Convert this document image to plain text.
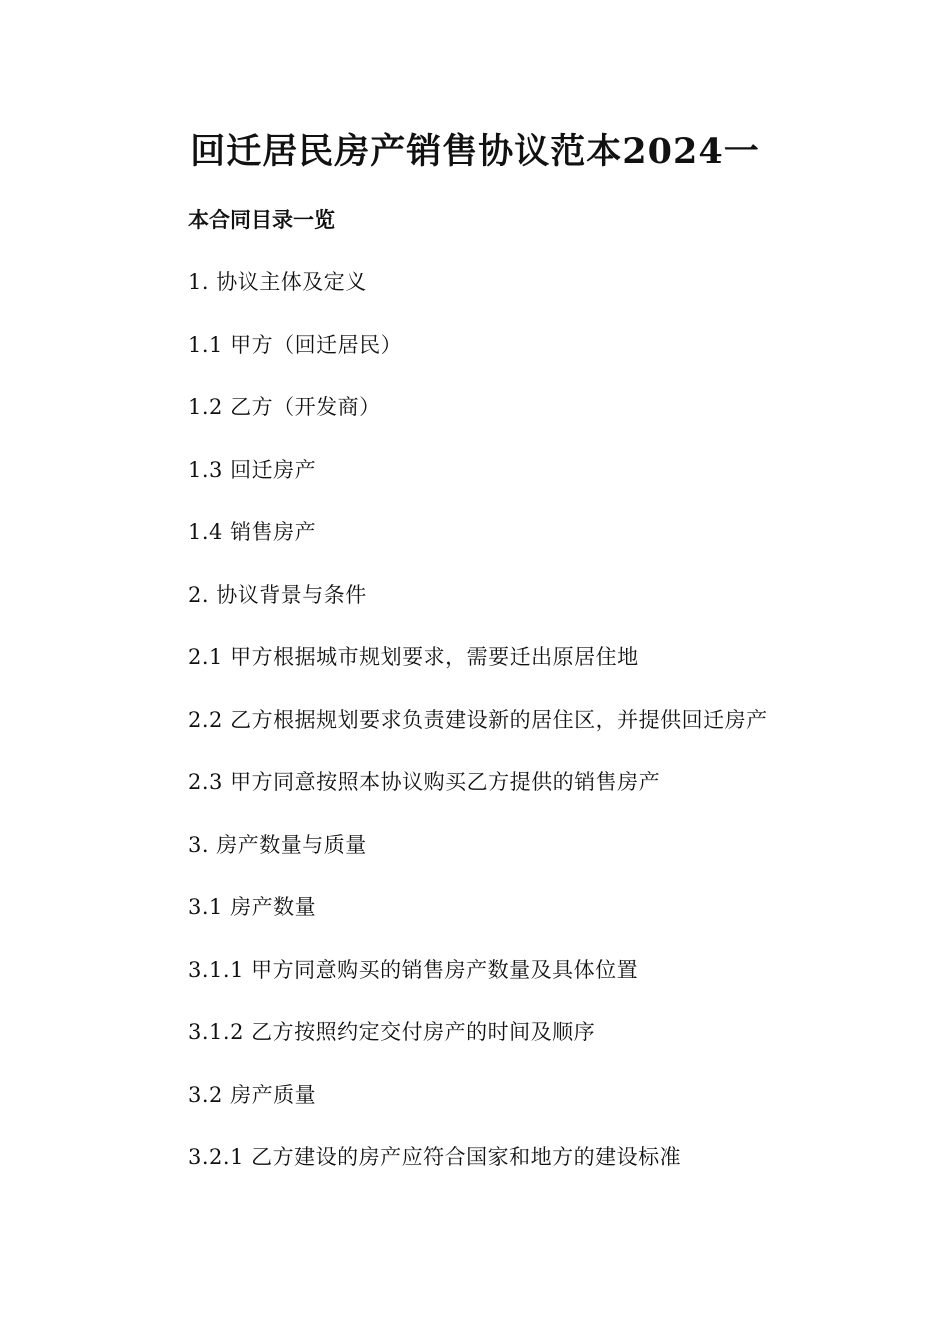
回迁居民房产销售协议范本2024一
本合同目录一览
1. 协议主体及定义
1.1 甲方（回迁居民）
1.2 乙方（开发商）
1.3 回迁房产
1.4 销售房产
2. 协议背景与条件
2.1 甲方根据城市规划要求，需要迁出原居住地
2.2 乙方根据规划要求负责建设新的居住区，并提供回迁房产
2.3 甲方同意按照本协议购买乙方提供的销售房产
3. 房产数量与质量
3.1 房产数量
3.1.1 甲方同意购买的销售房产数量及具体位置
3.1.2 乙方按照约定交付房产的时间及顺序
3.2 房产质量
3.2.1 乙方建设的房产应符合国家和地方的建设标准
